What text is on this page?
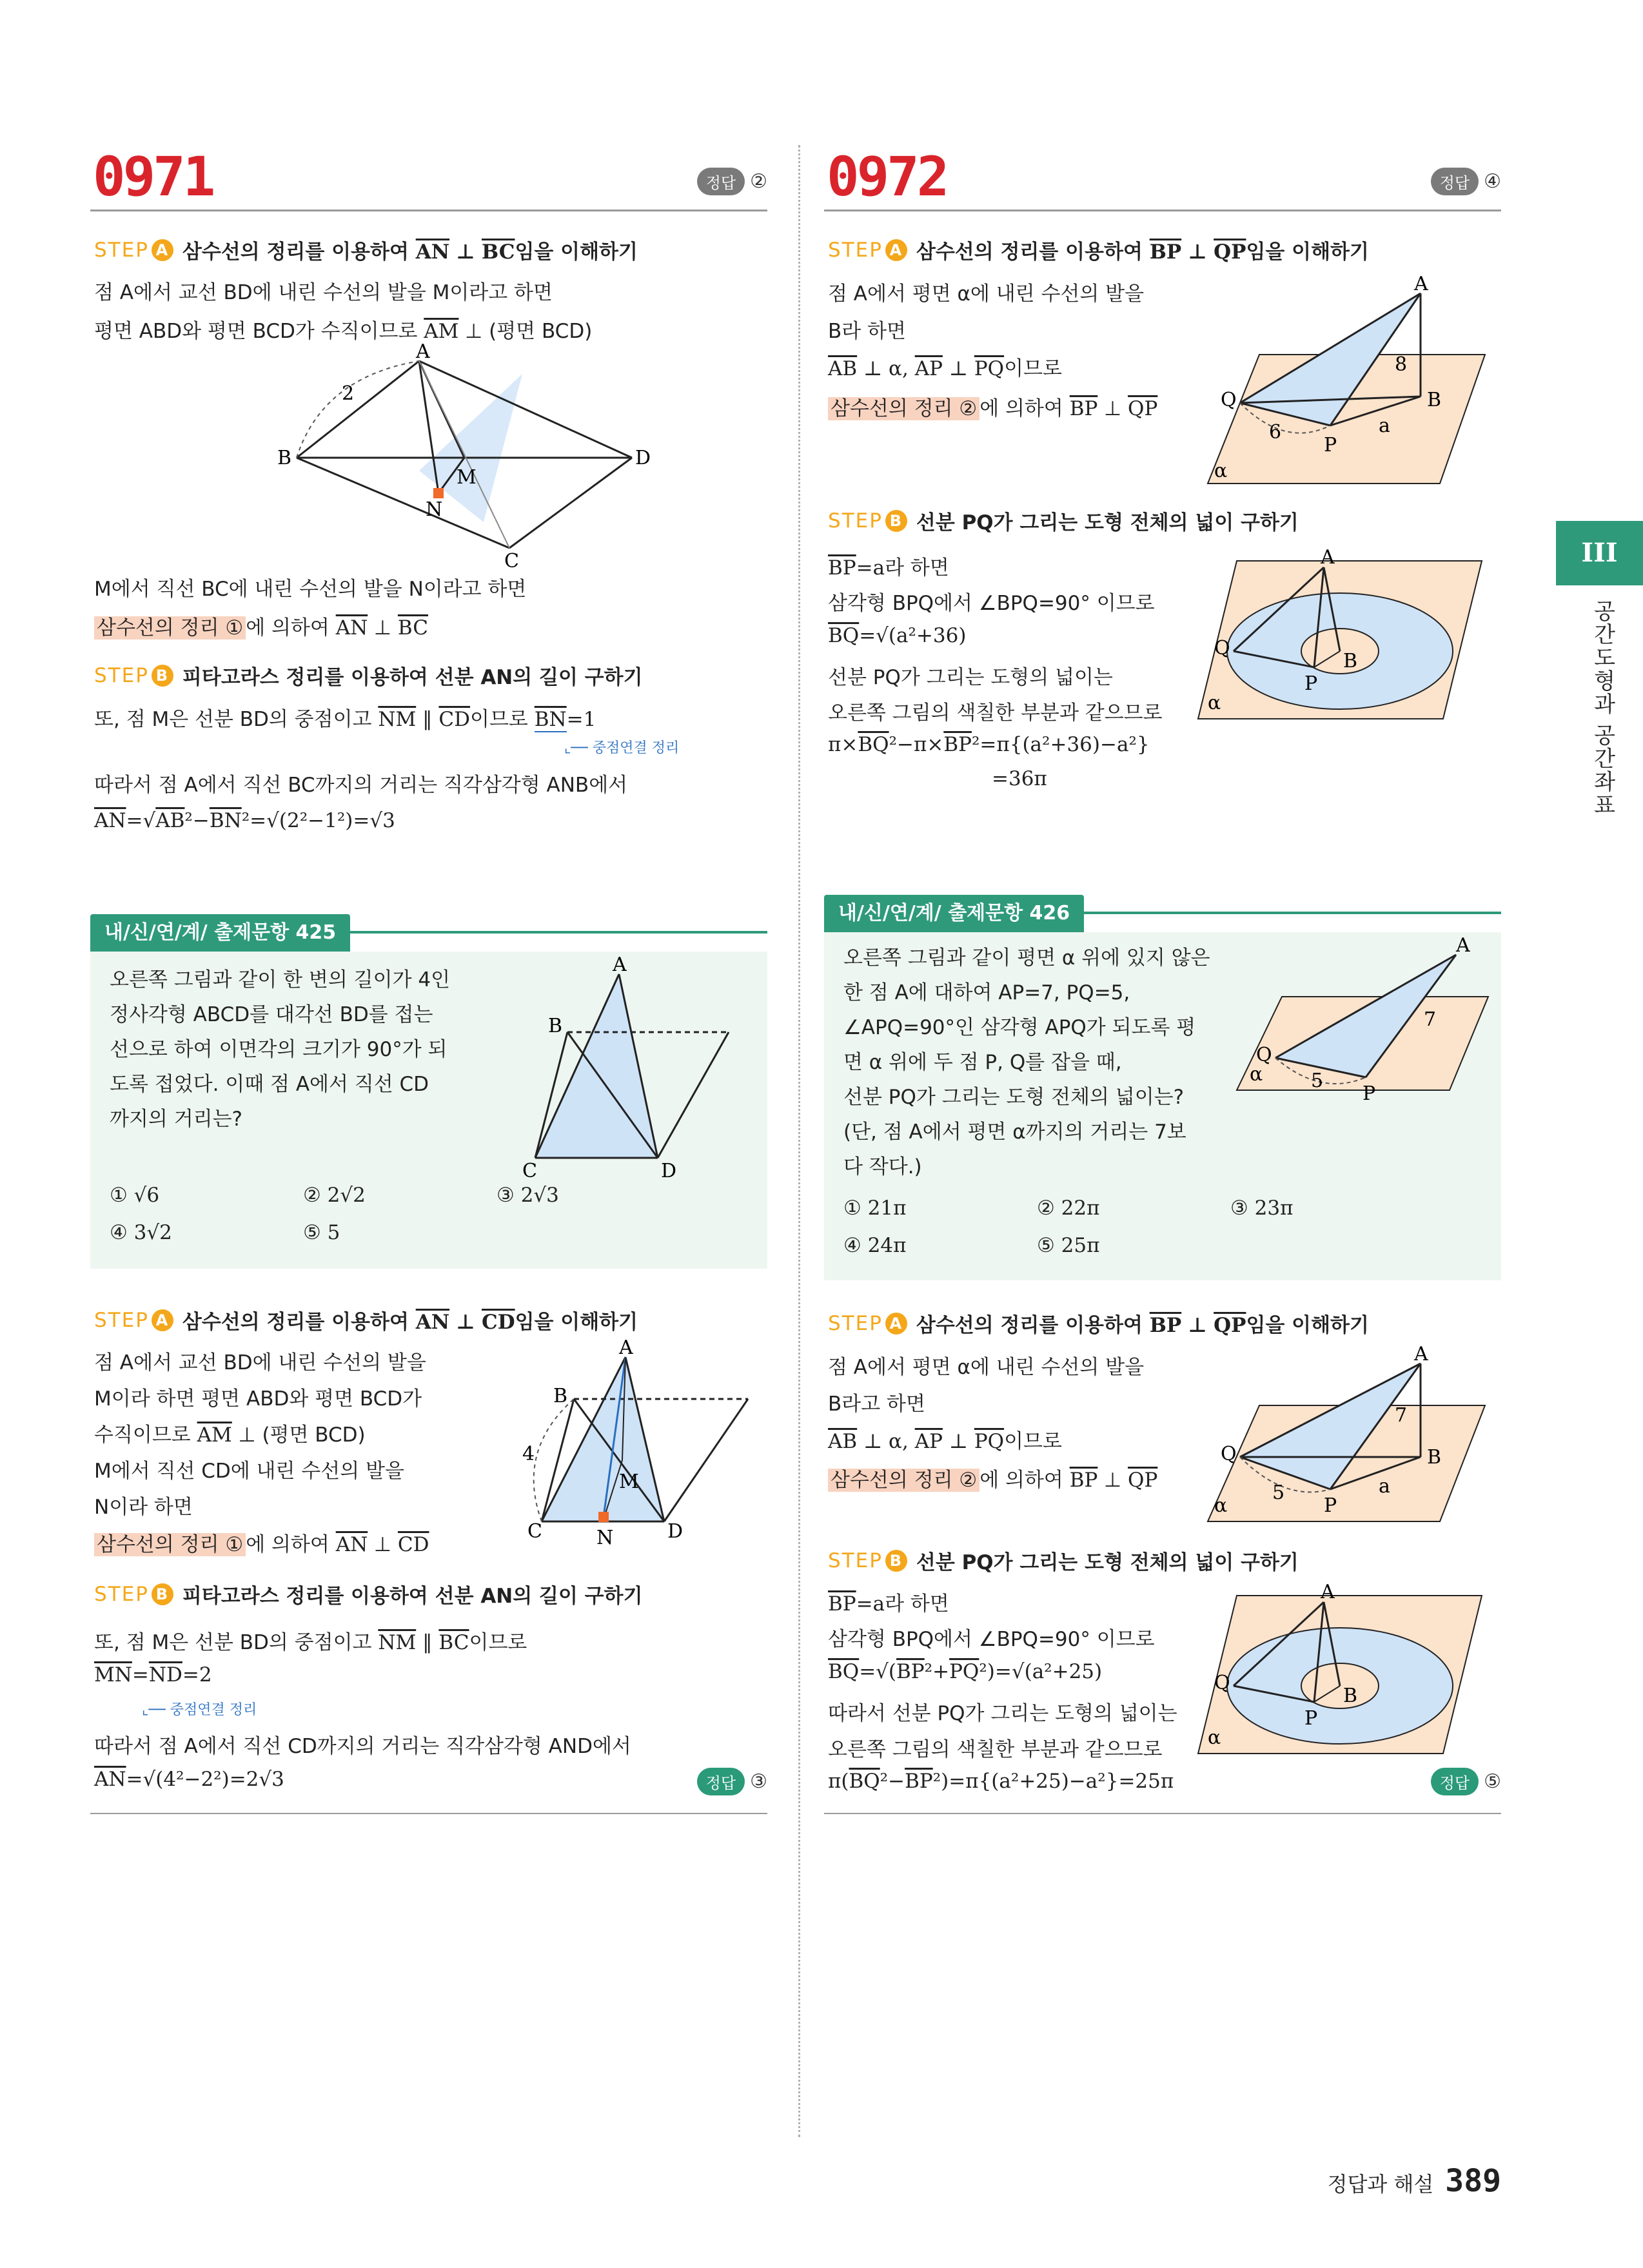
0971	정답 ②
STEP A 삼수선의 정리를 이용하여 $\overline{AN}$ ⊥ $\overline{BC}$임을 이해하기
점 A에서 교선 BD에 내린 수선의 발을 M이라고 하면
평면 ABD와 평면 BCD가 수직이므로 $\overline{AM}$ ⊥ (평면 BCD)
A
B	D
C
M
N
2
M에서 직선 BC에 내린 수선의 발을 N이라고 하면
삼수선의 정리 ① 에 의하여 $\overline{AN}$ ⊥ $\overline{BC}$
STEP B 피타고라스 정리를 이용하여 선분 AN의 길이 구하기
또, 점 M은 선분 BD의 중점이고 $\overline{NM}$ ∥ $\overline{CD}$이므로 $\overline{BN}=1$
⌞── 중점연결 정리
따라서 점 A에서 직선 BC까지의 거리는 직각삼각형 ANB에서
$\overline{AN}=√AB^2-\overline{BN}^2=√(2^2-1^2)=√3$
내/신/연/계/ 출제문항 425
오른쪽 그림과 같이 한 변의 길이가 4인
정사각형 ABCD를 대각선 BD를 접는
선으로 하여 이면각의 크기가 90°가 되
도록 접었다. 이때 점 A에서 직선 CD
까지의 거리는?
A
B
C	D
① √6	② 2√2	③ 2√3
④ 3√2	⑤ 5
STEP A 삼수선의 정리를 이용하여 $\overline{AN}$ ⊥ $\overline{CD}$임을 이해하기
점 A에서 교선 BD에 내린 수선의 발을
M이라 하면 평면 ABD와 평면 BCD가
수직이므로 $\overline{AM}$ ⊥ (평면 BCD)
M에서 직선 CD에 내린 수선의 발을
N이라 하면
삼수선의 정리 ① 에 의하여 $\overline{AN}$ ⊥ $\overline{CD}$
A
B
C	D
M
N
4
STEP B 피타고라스 정리를 이용하여 선분 AN의 길이 구하기
또, 점 M은 선분 BD의 중점이고 $\overline{NM}$ ∥ $\overline{BC}$이므로
$\overline{MN}=\overline{ND}=2$
⌞── 중점연결 정리
따라서 점 A에서 직선 CD까지의 거리는 직각삼각형 AND에서
$\overline{AN}=√(4^2-2^2)=2√3$	정답 ③
0972	정답 ④
STEP A 삼수선의 정리를 이용하여 $\overline{BP}$ ⊥ $\overline{QP}$임을 이해하기
점 A에서 평면 α에 내린 수선의 발을
B라 하면
$\overline{AB}$ ⊥ α, $\overline{AP}$ ⊥ $\overline{PQ}$이므로
삼수선의 정리 ② 에 의하여 $\overline{BP}$ ⊥ $\overline{QP}$
A
B
P
Q
α
a
6
8
STEP B 선분 PQ가 그리는 도형 전체의 넓이 구하기
$\overline{BP}=a$라 하면
삼각형 BPQ에서 ∠BPQ=90° 이므로
$\overline{BQ}=√(a^2+36)$
선분 PQ가 그리는 도형의 넓이는
오른쪽 그림의 색칠한 부분과 같으므로
$\pi\times\overline{BQ}^2-\pi\times\overline{BP}^2=\pi\{(a^2+36)-a^2\}$
=36π
A
B
P
Q
α
내/신/연/계/ 출제문항 426
오른쪽 그림과 같이 평면 α 위에 있지 않은
한 점 A에 대하여 AP=7, PQ=5,
∠APQ=90°인 삼각형 APQ가 되도록 평
면 α 위에 두 점 P, Q를 잡을 때,
선분 PQ가 그리는 도형 전체의 넓이는?
(단, 점 A에서 평면 α까지의 거리는 7보
다 작다.)
A
P
Q
α 5
7
① 21π	② 22π	③ 23π
④ 24π	⑤ 25π
STEP A 삼수선의 정리를 이용하여 $\overline{BP}$ ⊥ $\overline{QP}$임을 이해하기
점 A에서 평면 α에 내린 수선의 발을
B라고 하면
$\overline{AB}$ ⊥ α, $\overline{AP}$ ⊥ $\overline{PQ}$이므로
삼수선의 정리 ② 에 의하여 $\overline{BP}$ ⊥ $\overline{QP}$
A
B
P
Q
α
a
5
7
STEP B 선분 PQ가 그리는 도형 전체의 넓이 구하기
$\overline{BP}=a$라 하면
삼각형 BPQ에서 ∠BPQ=90° 이므로
$\overline{BQ}=√(\overline{BP}^2+\overline{PQ}^2)=√(a^2+25)$
따라서 선분 PQ가 그리는 도형의 넓이는
오른쪽 그림의 색칠한 부분과 같으므로
$\pi(\overline{BQ}^2-\overline{BP}^2)=\pi\{(a^2+25)-a^2\}=25\pi$	정답 ⑤
A
B
P
Q
α
III
공간도형과 공간좌표
정답과 해설 389
